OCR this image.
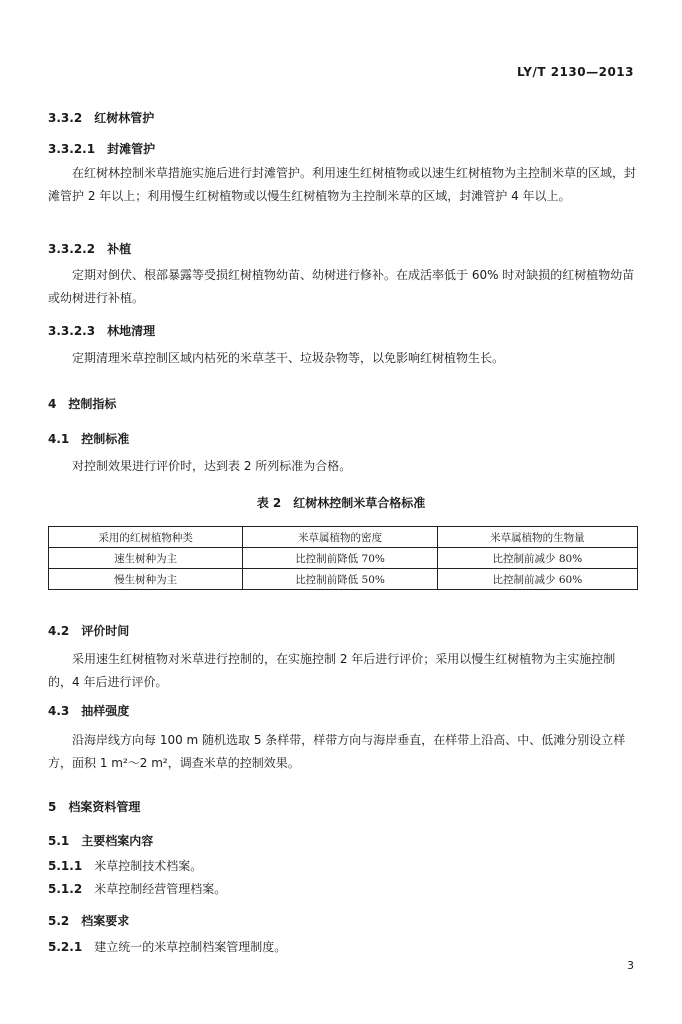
LY/T 2130—2013
3.3.2　 红树林管护
3.3.2.1　 封滩管护
在红树林控制米草措施实施后进行封滩管护。利用速生红树植物或以速生红树植物为主控制米草的区域，封滩管护 2 年以上；利用慢生红树植物或以慢生红树植物为主控制米草的区域，封滩管护 4 年以上。
3.3.2.2　 补植
定期对倒伏、根部暴露等受损红树植物幼苗、幼树进行修补。在成活率低于 60% 时对缺损的红树植物幼苗或幼树进行补植。
3.3.2.3　 林地清理
定期清理米草控制区域内枯死的米草茎干、垃圾杂物等，以免影响红树植物生长。
4　 控制指标
4.1　 控制标准
对控制效果进行评价时，达到表 2 所列标准为合格。
表 2　红树林控制米草合格标准
采用的红树植物种类	米草属植物的密度	米草属植物的生物量
速生树种为主	比控制前降低 70%	比控制前减少 80%
慢生树种为主	比控制前降低 50%	比控制前减少 60%
4.2　 评价时间
采用速生红树植物对米草进行控制的，在实施控制 2 年后进行评价；采用以慢生红树植物为主实施控制的，4 年后进行评价。
4.3　 抽样强度
沿海岸线方向每 100 m 随机选取 5 条样带，样带方向与海岸垂直，在样带上沿高、中、低滩分别设立样方，面积 1 m²～2 m²，调查米草的控制效果。
5　 档案资料管理
5.1　 主要档案内容
5.1.1　 米草控制技术档案。
5.1.2　 米草控制经营管理档案。
5.2　 档案要求
5.2.1　 建立统一的米草控制档案管理制度。
3
